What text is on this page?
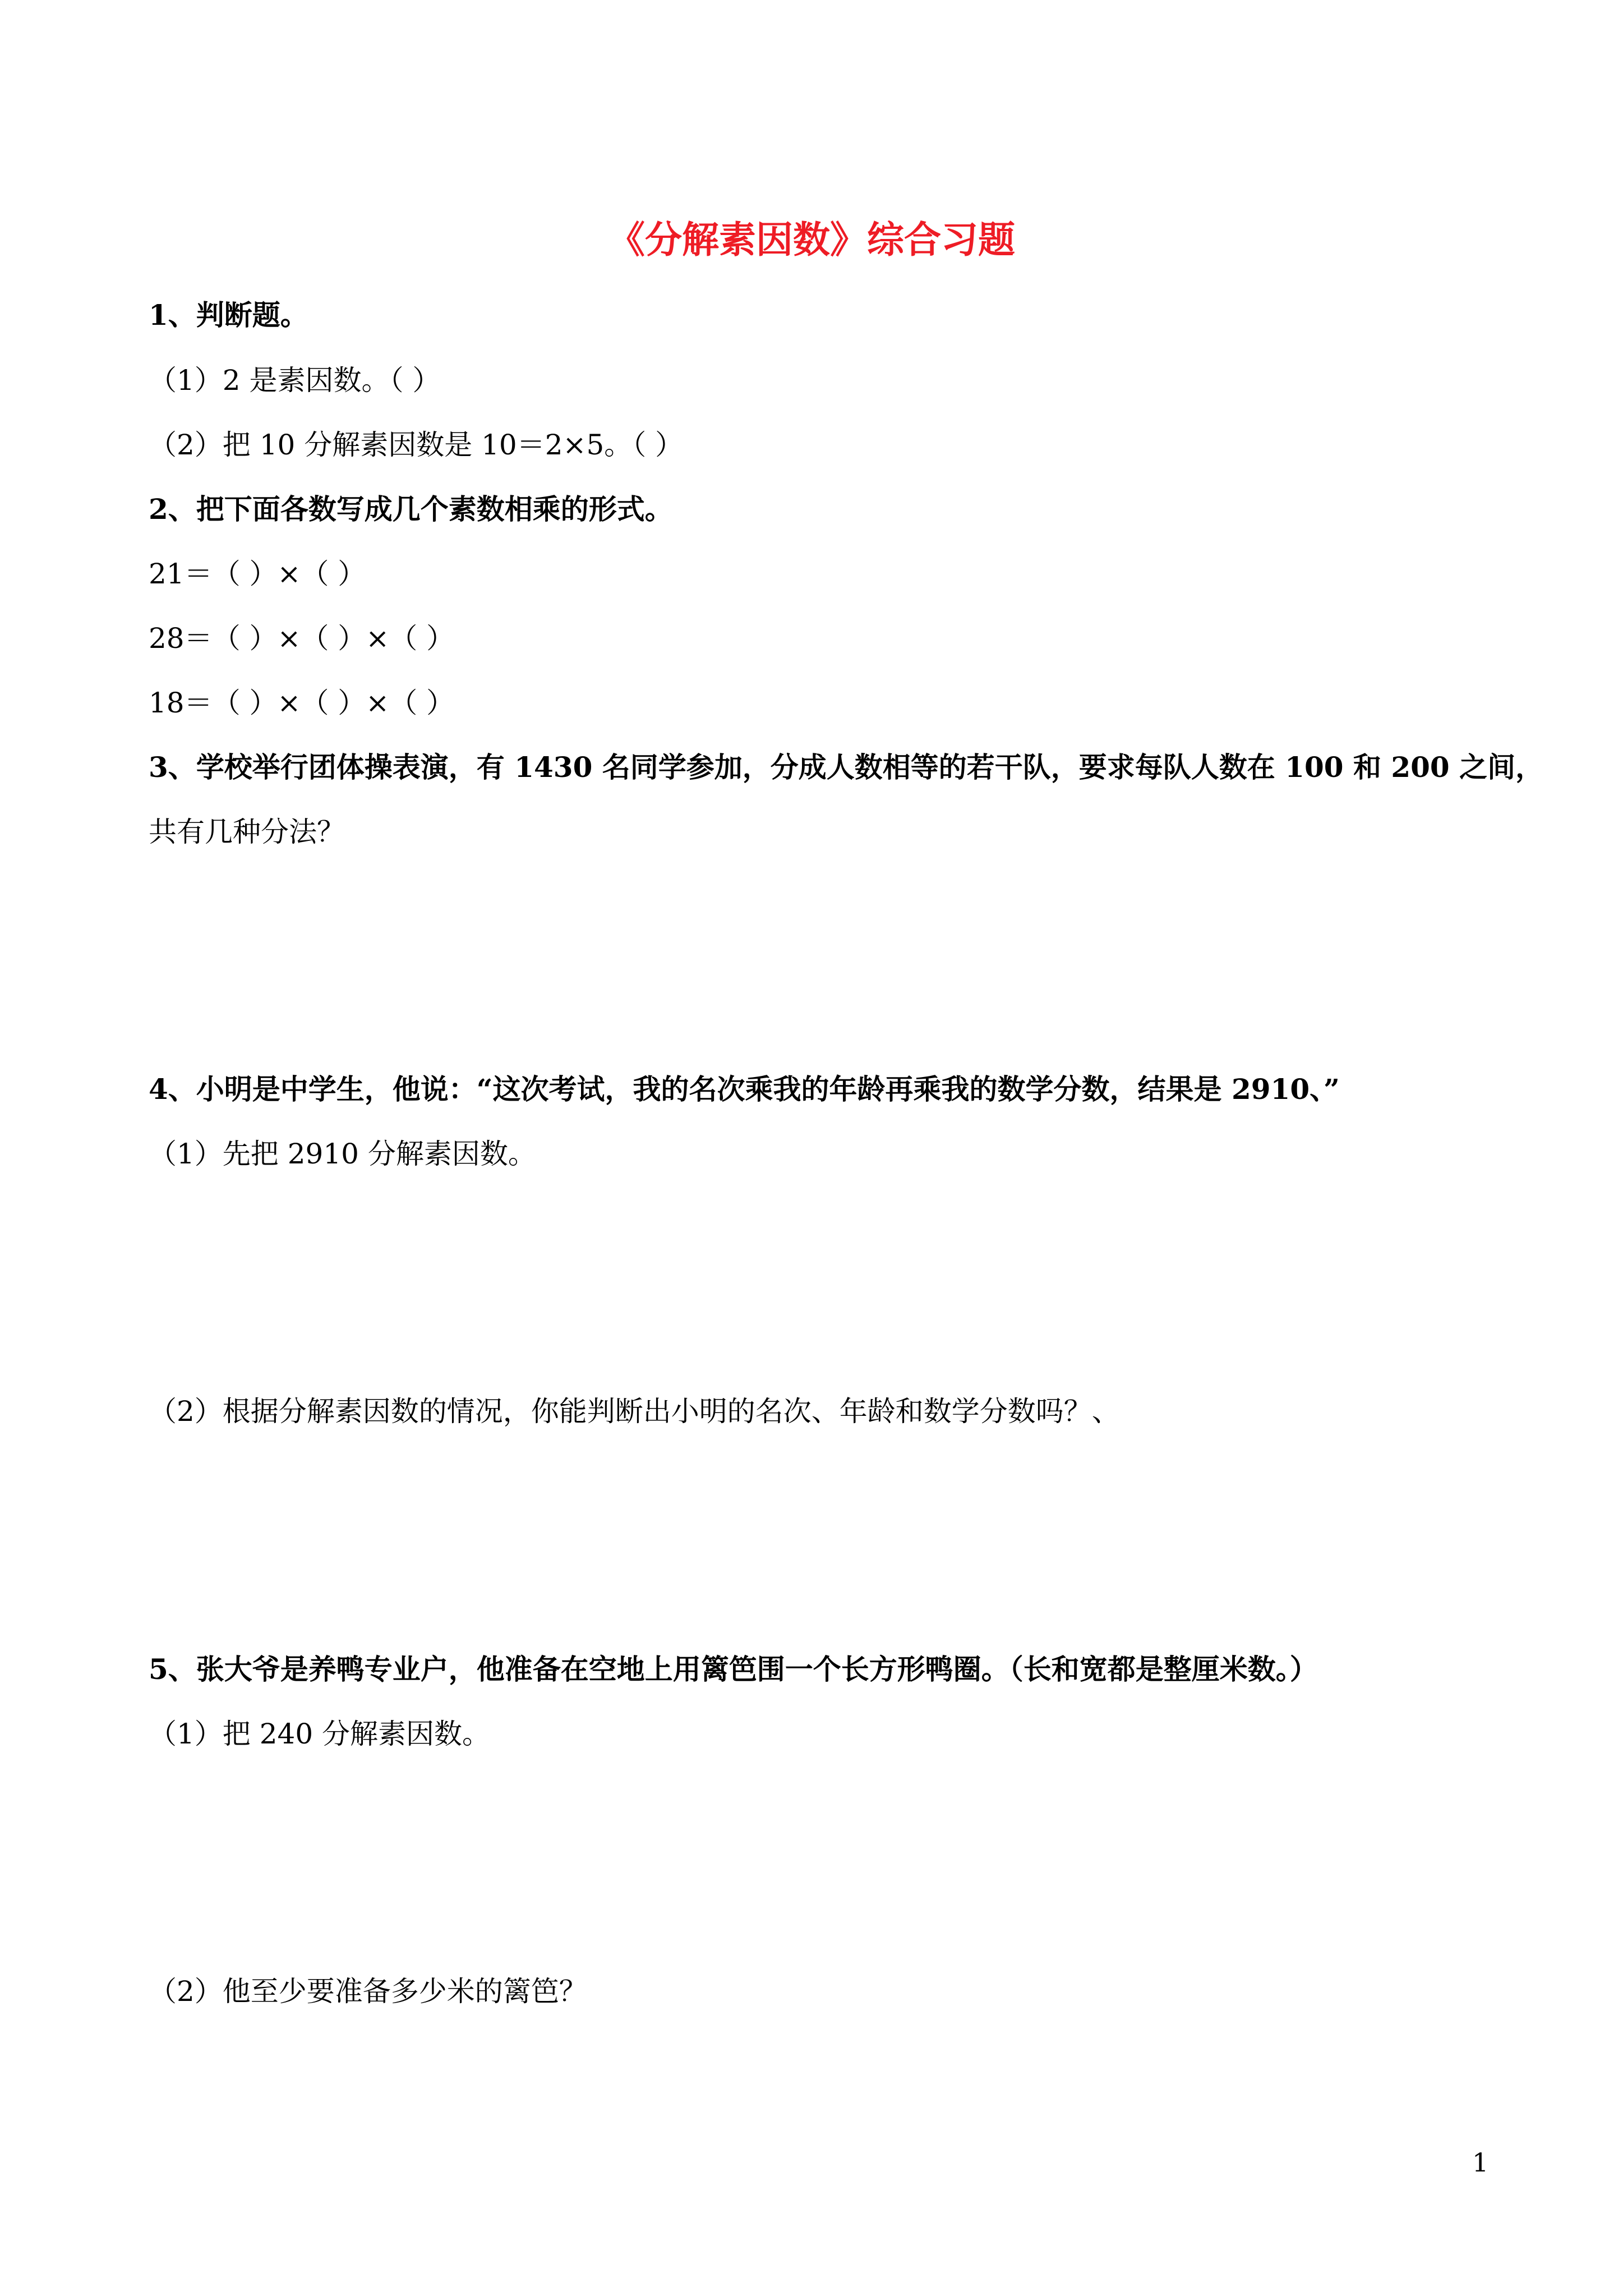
《分解素因数》综合习题
1、判断题。
（1）2 是素因数。（ ）
（2）把 10 分解素因数是 10＝2×5。（ ）
2、把下面各数写成几个素数相乘的形式。
21＝（ ）×（ ）
28＝（ ）×（ ）×（ ）
18＝（ ）×（ ）×（ ）
3、学校举行团体操表演，有 1430 名同学参加，分成人数相等的若干队，要求每队人数在 100 和 200 之间，
共有几种分法？
4、小明是中学生，他说：“这次考试，我的名次乘我的年龄再乘我的数学分数，结果是 2910、”
（1）先把 2910 分解素因数。
（2）根据分解素因数的情况，你能判断出小明的名次、年龄和数学分数吗？、
5、张大爷是养鸭专业户，他准备在空地上用篱笆围一个长方形鸭圈。（长和宽都是整厘米数。）
（1）把 240 分解素因数。
（2）他至少要准备多少米的篱笆？
1
